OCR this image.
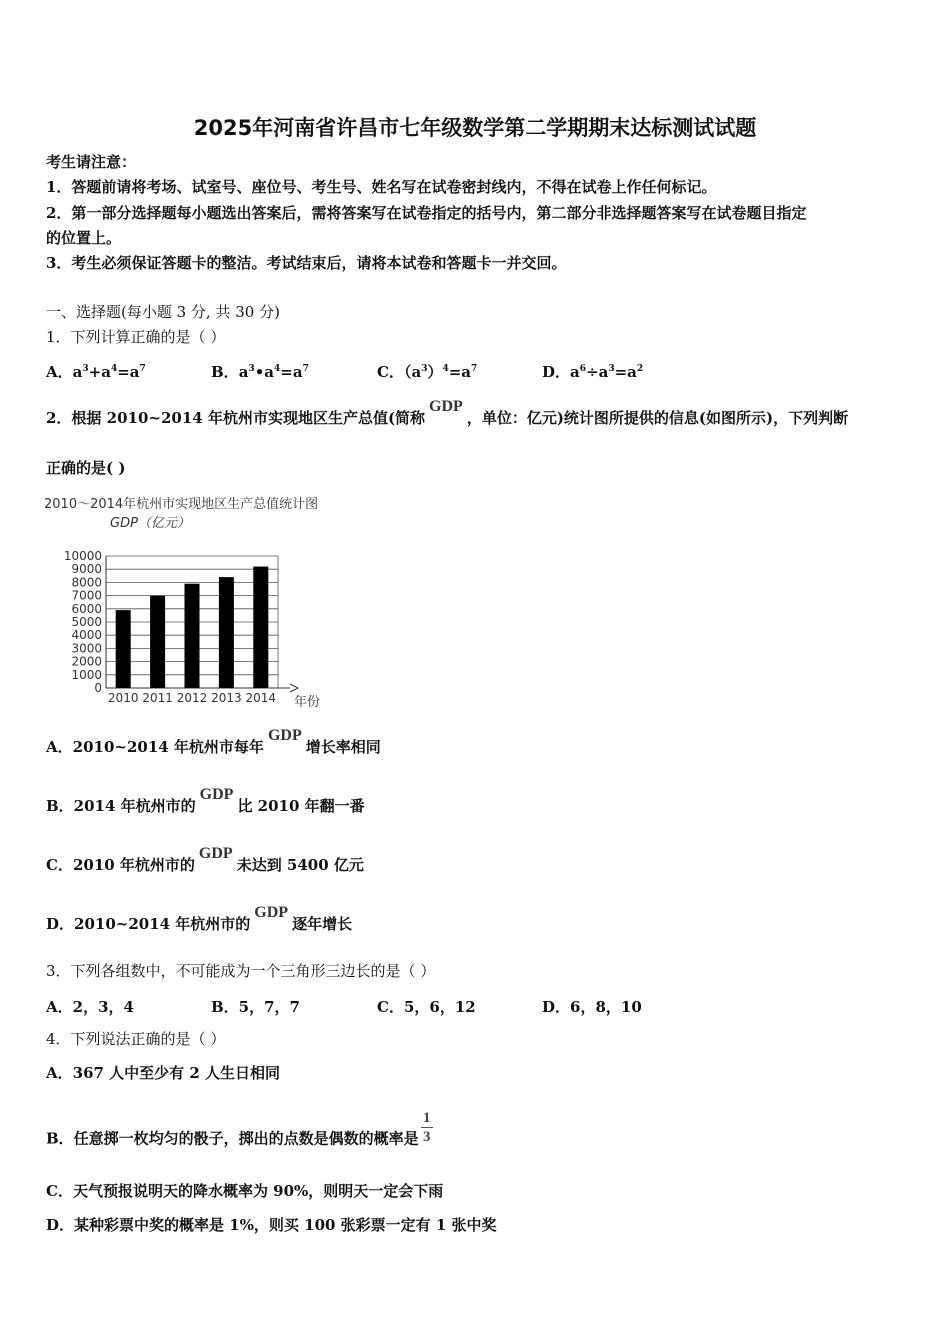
2025年河南省许昌市七年级数学第二学期期末达标测试试题
考生请注意：
1．答题前请将考场、试室号、座位号、考生号、姓名写在试卷密封线内，不得在试卷上作任何标记。
2．第一部分选择题每小题选出答案后，需将答案写在试卷指定的括号内，第二部分非选择题答案写在试卷题目指定
的位置上。
3．考生必须保证答题卡的整洁。考试结束后，请将本试卷和答题卡一并交回。
一、选择题(每小题 3 分, 共 30 分)
1．下列计算正确的是（ ）
A．$a^3+a^4=a^7$	B．$a^3•a^4=a^7$	C．$(a^3)^4=a^7$	D．$a^6\div a^3=a^2$
2．根据 2010~2014 年杭州市实现地区生产总值(简称GDP，单位：亿元)统计图所提供的信息(如图所示)，下列判断
正确的是( )
2010～2014年杭州市实现地区生产总值统计图
GDP（亿元）
0
1000
2000
3000
4000
5000
6000
7000
8000
9000
10000
2010 2011 2012 2013 2014 年份
A．2010~2014 年杭州市每年GDP增长率相同
B．2014 年杭州市的GDP比 2010 年翻一番
C．2010 年杭州市的GDP未达到 5400 亿元
D．2010~2014 年杭州市的GDP逐年增长
3．下列各组数中，不可能成为一个三角形三边长的是（ ）
A．2，3，4	B．5，7，7	C．5，6，12	D．6，8，10
4．下列说法正确的是（ ）
A．367 人中至少有 2 人生日相同
B．任意掷一枚均匀的骰子，掷出的点数是偶数的概率是 $\frac{1}{3}$
C．天气预报说明天的降水概率为 90%，则明天一定会下雨
D．某种彩票中奖的概率是 1%，则买 100 张彩票一定有 1 张中奖
